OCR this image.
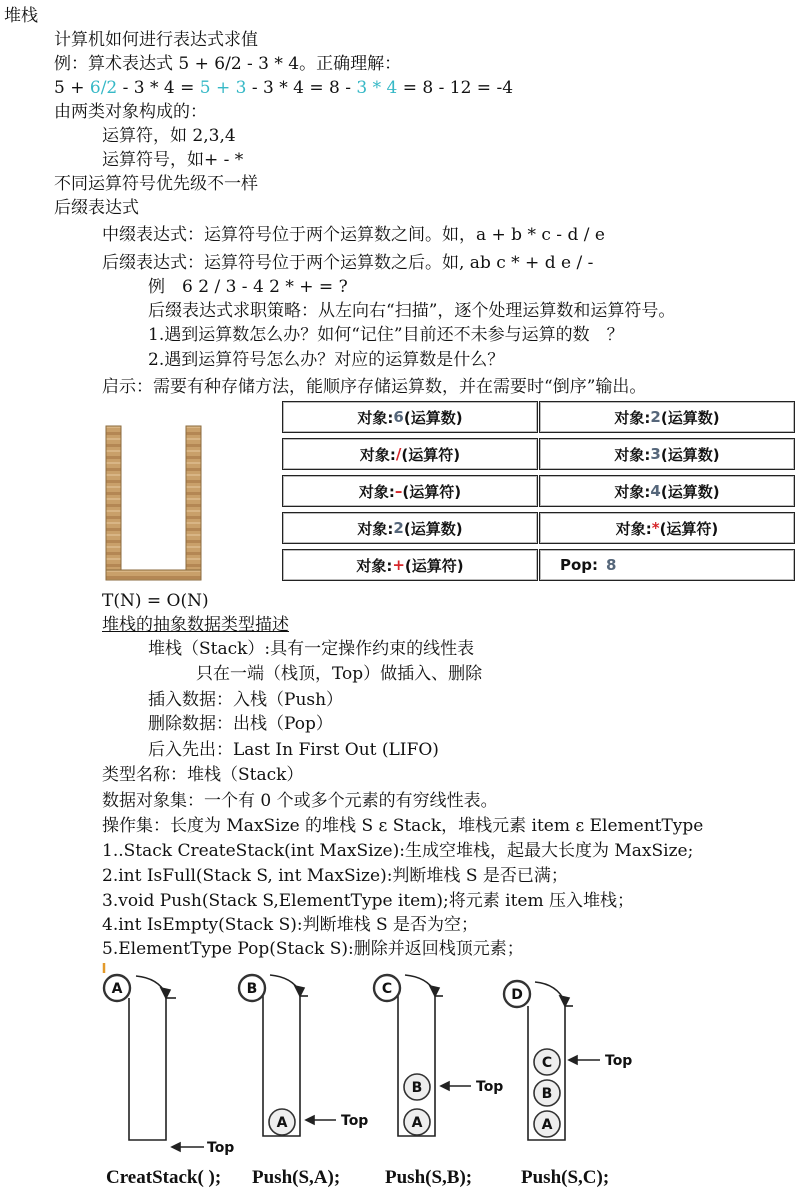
堆栈
计算机如何进行表达式求值
例：算术表达式 5 + 6/2 - 3 * 4。正确理解：
5 + 6/2 - 3 * 4 = 5 + 3 - 3 * 4 = 8 - 3 * 4 = 8 - 12 = -4
由两类对象构成的：
运算符，如 2,3,4
运算符号，如+ - *
不同运算符号优先级不一样
后缀表达式
中缀表达式：运算符号位于两个运算数之间。如，a + b * c - d / e
后缀表达式：运算符号位于两个运算数之后。如, ab c * + d e / -
例　6 2 / 3 - 4 2 * + = ?
后缀表达式求职策略：从左向右“扫描”，逐个处理运算数和运算符号。
1.遇到运算数怎么办？如何“记住”目前还不未参与运算的数　？
2.遇到运算符号怎么办？对应的运算数是什么？
启示：需要有种存储方法，能顺序存储运算数，并在需要时“倒序”输出。
对象: 6 (运算数)	对象: 2 (运算数)
对象: / (运算符)	对象: 3 (运算数)
对象: – (运算符)	对象: 4 (运算数)
对象: 2 (运算数)	对象: * (运算符)
对象: + (运算符)	Pop: 8
T(N) = O(N)
堆栈的抽象数据类型描述
堆栈（Stack）:具有一定操作约束的线性表
只在一端（栈顶，Top）做插入、删除
插入数据：入栈（Push）
删除数据：出栈（Pop）
后入先出：Last In First Out (LIFO)
类型名称：堆栈（Stack）
数据对象集：一个有 0 个或多个元素的有穷线性表。
操作集：长度为 MaxSize 的堆栈 S ε Stack，堆栈元素 item ε ElementType
1..Stack CreateStack(int MaxSize):生成空堆栈，起最大长度为 MaxSize;
2.int IsFull(Stack S, int MaxSize):判断堆栈 S 是否已满；
3.void Push(Stack S,ElementType item);将元素 item 压入堆栈；
4.int IsEmpty(Stack S):判断堆栈 S 是否为空；
5.ElementType Pop(Stack S):删除并返回栈顶元素；
A	B	C	D
A	A
B
A
B
C
Top
Top
Top
Top
CreatStack( ); Push(S,A); Push(S,B);	Push(S,C);
